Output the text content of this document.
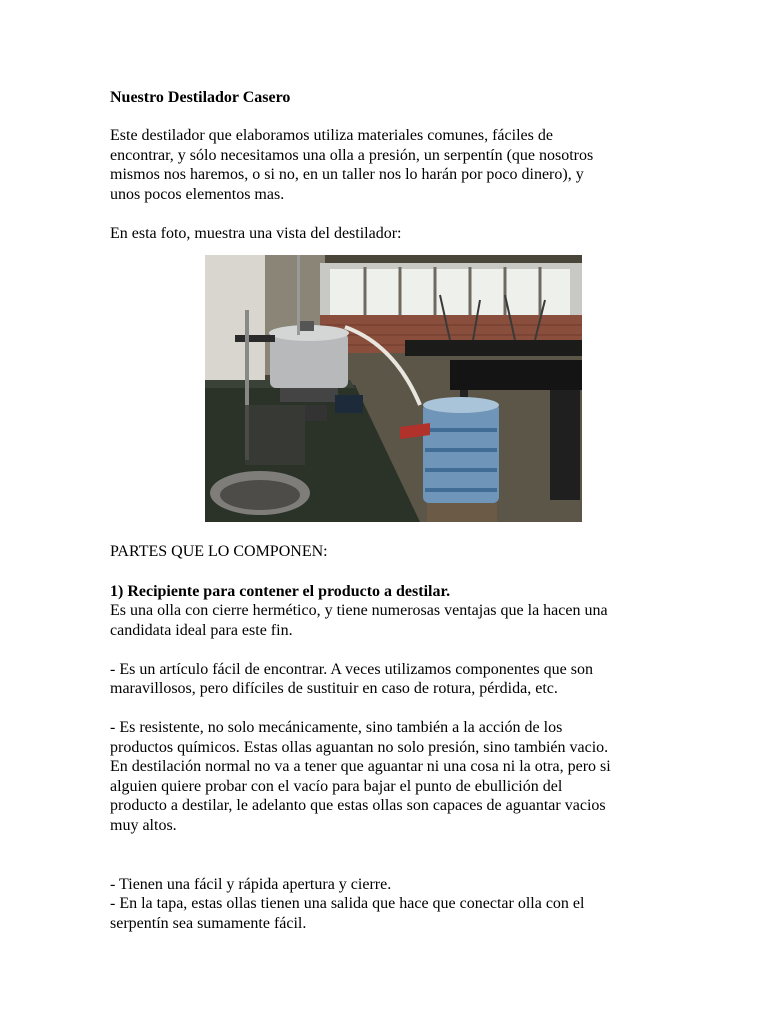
Nuestro Destilador Casero
Este destilador que elaboramos utiliza materiales comunes, fáciles de
encontrar, y sólo necesitamos una olla a presión, un serpentín (que nosotros
mismos nos haremos, o si no, en un taller nos lo harán por poco dinero), y
unos pocos elementos mas.
En esta foto, muestra una vista del destilador:
PARTES QUE LO COMPONEN:
1) Recipiente para contener el producto a destilar.
Es una olla con cierre hermético, y tiene numerosas ventajas que la hacen una
candidata ideal para este fin.
- Es un artículo fácil de encontrar. A veces utilizamos componentes que son
maravillosos, pero difíciles de sustituir en caso de rotura, pérdida, etc.
- Es resistente, no solo mecánicamente, sino también a la acción de los
productos químicos. Estas ollas aguantan no solo presión, sino también vacio.
En destilación normal no va a tener que aguantar ni una cosa ni la otra, pero si
alguien quiere probar con el vacío para bajar el punto de ebullición del
producto a destilar, le adelanto que estas ollas son capaces de aguantar vacios
muy altos.
- Tienen una fácil y rápida apertura y cierre.
- En la tapa, estas ollas tienen una salida que hace que conectar olla con el
serpentín sea sumamente fácil.
